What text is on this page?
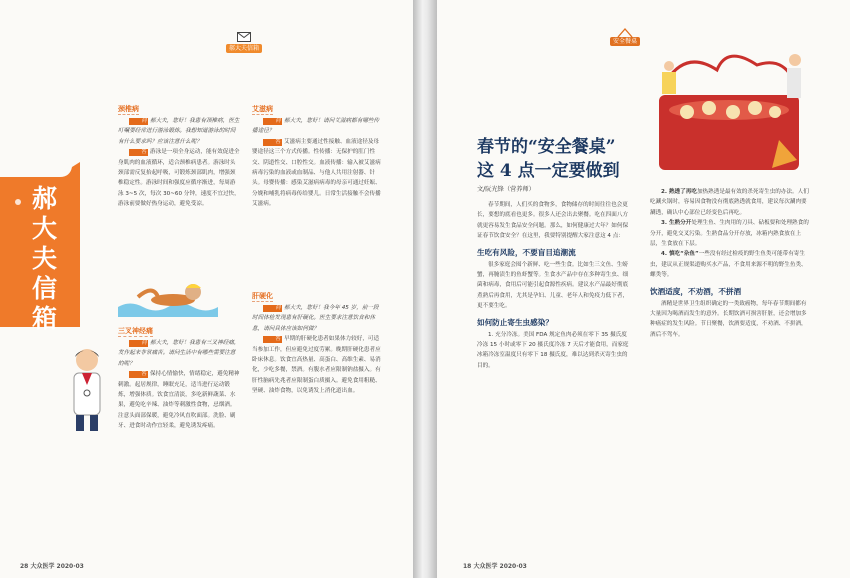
郝大夫信箱
郝大夫信箱
颈椎病

问 郝大夫，您好！我患有颈椎病，医生叮嘱要经常进行游泳锻炼。我想知道游泳的时间有什么要求吗？应该注意什么呢？

答 游泳是一项全身运动，能有效促进全身肌肉的血液循环，适合颈椎病患者。游泳时头颈部需反复抬起呼吸，可锻炼颈部肌肉，增强颈椎稳定性。游泳时间和强度应循序渐进，每周游泳 3~5 次，每次 30~60 分钟，速度不宜过快，游泳前要做好热身运动，避免受凉。

三叉神经痛

问 郝大夫，您好！我患有三叉神经痛，发作起来非常痛苦。请问生活中有哪些需要注意的呢？

答 保持心情愉快，情绪稳定，避免精神刺激。起居规律，睡眠充足，适当进行运动锻炼，增强体质。饮食宜清淡，多吃新鲜蔬菜、水果，避免吃辛辣、油炸等刺激性食物，忌烟酒。注意头面部保暖，避免冷风直吹面部。洗脸、刷牙、进食时动作宜轻柔，避免诱发疼痛。

艾滋病

问 郝大夫，您好！请问艾滋病都有哪些传播途径？

答 艾滋病主要通过性接触、血液途径及母婴途径这三个方式传播。性传播：无保护的肛门性交、阴道性交、口腔性交。血液传播：输入被艾滋病病毒污染的血液或血制品、与他人共用注射器、针头。母婴传播：感染艾滋病病毒的母亲可通过妊娠、分娩和哺乳将病毒传给婴儿。日常生活接触不会传播艾滋病。

肝硬化

问 郝大夫，您好！我今年 45 岁，前一段时间体检发现患有肝硬化。医生要求注意饮食和休息，请问具体应该如何做？

答 早期的肝硬化患者如果体力较好，可适当参加工作，但应避免过度劳累。晚期肝硬化患者应卧床休息。饮食宜高热量、高蛋白、高维生素、易消化，少吃多餐，禁酒。有腹水者应限制钠盐摄入。有肝性脑病先兆者应限制蛋白质摄入。避免食用粗糙、坚硬、油炸食物，以免诱发上消化道出血。

28 大众医学 2020·03
安全餐桌
春节的“安全餐桌”
这 4 点一定要做到
文/阮光锋（营养师）

春节期间，人们买的食物多，食物储存的时间往往也会更长，要想的底看也更多。很多人还会出去聚餐。吃在四面八方就更容易发生食品安全问题。那么，如何健康过大年？如何保证春节饮食安全？在这里，我要特别提醒大家注意这 4 点：

生吃有风险，不要盲目追潮流

很多家庭会囤个新鲜、吃一些生食。比如生三文鱼、生螃蟹，再腌渍生的鱼虾蟹等。生食水产品中存在多种寄生虫、细菌和病毒，食用后可能引起食源性疾病。建议水产品最好彻底煮熟后再食用，尤其是孕妇、儿童、老年人和免疫力低下者，更不要生吃。

如何防止寄生虫感染？

1. 充分冷冻。美国 FDA 规定鱼肉必须在零下 35 摄氏度冷冻 15 小时或零下 20 摄氏度冷冻 7 天后才能食用，而家庭冰箱冷冻室温度只有零下 18 摄氏度，难以达到杀灭寄生虫的目的。

2. 熟透了再吃加热熟透是最有效的杀死寄生虫的办法。人们吃涮火锅时，容易因食物没有彻底熟透就食用，建议每次涮肉要涮透，确认中心部位已经变色后再吃。

3. 生熟分开处理生鱼、生肉用的刀具、砧板要和处理熟食的分开，避免交叉污染。生熟食品分开存放，冰箱内熟食放在上层，生食放在下层。

4. 慎吃“杂鱼”一些没有经过检疫的野生鱼类可能带有寄生虫，建议从正规渠道购买水产品，不食用来源不明的野生鱼类、螺类等。

饮酒适度，不劝酒，不拼酒

酒精是世界卫生组织确定的一类致癌物，每年春节期间都有大量因为喝酒而发生的意外。长期饮酒可损害肝脏，还会增加多种癌症的发生风险。节日聚餐，饮酒要适度，不劝酒、不拼酒，酒后不驾车。

18 大众医学 2020·03
